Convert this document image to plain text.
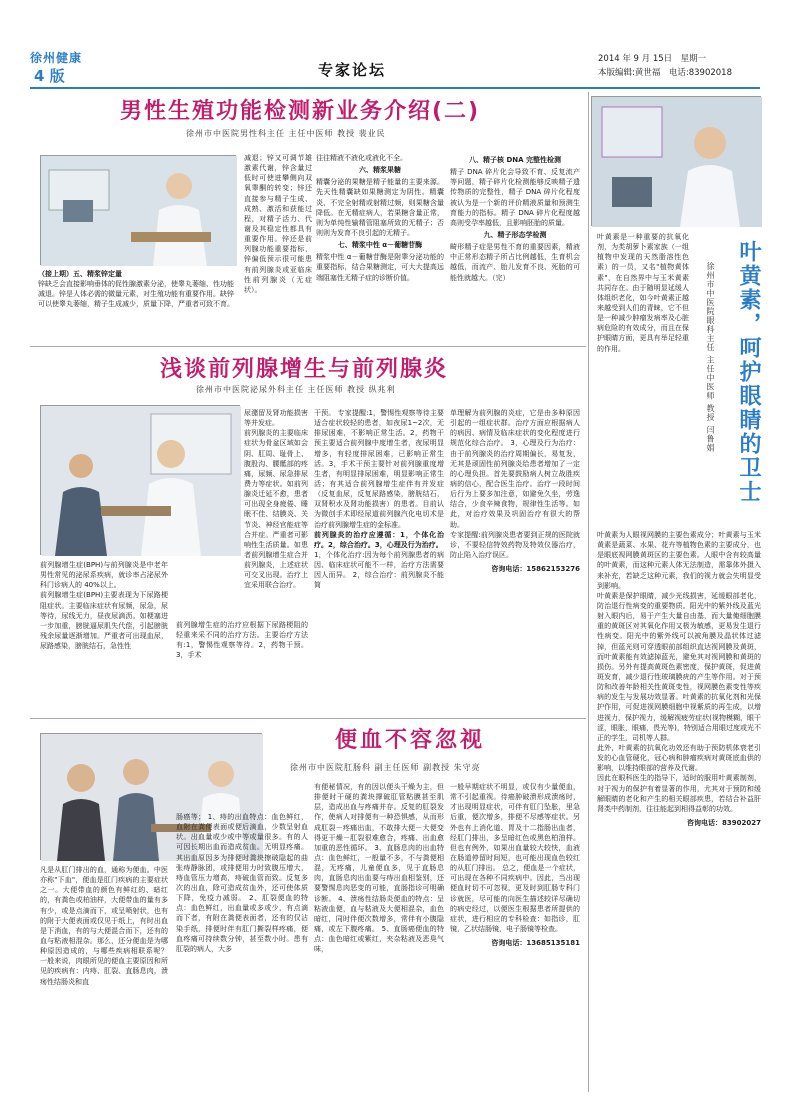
徐州健康
4 版	专家论坛
2014 年 9 月 15日　星期一
本版编辑:黄世福　电话:83902018
男性生殖功能检测新业务介绍(二)
徐州市中医院男性科主任 主任中医师 教授 裴业民
（接上期）五、精浆锌定量
锌缺乏会直接影响垂体的促性腺激素分泌，使睾丸萎缩、性功能减退。锌是人体必需的微量元素，对生殖功能有重要作用。缺锌可以使睾丸萎缩，精子生成减少，质量下降，严重者可致不育。
减退；锌又可调节雄激素代谢，锌含量过低时可使进攀侧向双氧睾酮的转变；锌还直接参与精子生成、成熟、激活和获能过程，对精子活力、代谢及其稳定性都具有重要作用。锌还是前列腺功能重要指标，锌偏低预示很可能患有前列腺炎或亚临床性前列腺炎（无症状）。
往往精液不液化或液化不全。
六、精浆果糖
精囊分泌的果糖是精子能量的主要来源。先天性精囊缺如果糖测定为阴性。精囊炎、不完全射精或射精过频，则果糖含量降低。在无精症病人，若果糖含量正常，则为单纯性输精管阻塞所致的无精子；否则则为发育不良引起的无精子。
七、精浆中性 α－葡糖苷酶
精浆中性 α－葡糖苷酶是附睾分泌功能的重要指标，结合果糖测定，可大大提高远端阻塞性无精子症的诊断价值。
八、精子核 DNA 完整性检测
精子 DNA 碎片化会导致不育、反复流产等问题，精子碎片化检测能够反映精子遗传物质的完整性，精子 DNA 碎片化程度被认为是一个新的评价精液质量和预测生育能力的指标。精子 DNA 碎片化程度越高则受孕率越低，且影响胚胎的质量。
九、精子形态学检测
畸形精子症是男性不育的重要因素，精液中正常形态精子所占比例越低，生育机会越低，而流产、胎儿发育不良、死胎的可能性就越大。（完）
浅谈前列腺增生与前列腺炎
徐州市中医院泌尿外科主任 主任医师 教授 纵兆利
尿潴留及肾功能损害等并发症。
前列腺炎的主要临床症状为骨盆区域如会阴、肛周、耻骨上、腹股沟、腰骶部的疼痛，尿频、尿急排尿费力等症状。如前列腺炎迁延不愈，患者可出现全身疲倦、睡眠不佳、结膜炎、关节炎、神经官能症等合并症。严重者可影响性生活质量。如患者前列腺增生症合并前列腺炎，上述症状可交叉出现。治疗上宜采用联合治疗。
前列腺增生症(BPH)与前列腺炎是中老年男性常见的泌尿系疾病，就诊率占泌尿外科门诊病人的 40%以上。
前列腺增生症(BPH)主要表现为下尿路梗阻症状。主要临床症状有尿频，尿急，尿等待，尿线无力，昼夜尿滴沥。如梗塞进一步加重，膀胱逼尿肌失代偿，引起膀胱残余尿量逐渐增加。严重者可出现血尿，尿路感染，膀胱结石，急性性
前列腺增生症的治疗应根据下尿路梗阻的轻重来采不同的治疗方法。主要治疗方法有:1，警惕性观察等待。2，药物干预。3，手术
干预。 专家提醒:1，警惕性观察等待主要适合症状较轻的患者，如夜尿1~2次，无排尿困难，不影响正常生活。2，药物干预主要适合前列腺中度增生者，夜尿明显增多，有轻度排尿困难，已影响正常生活。3，手术干预主要针对前列腺重度增生者，有明显排尿困难，明显影响正常生活；有其适合前列腺增生症伴有并发症（反复血尿，反复尿路感染，膀胱结石，双肾积水及肾功能损害）的患者。目前认为微创手术即经尿道前列腺汽化电切术是治疗前列腺增生症的金标准。
前列腺炎的治疗应遵循：1，个体化治疗。2，综合治疗。3，心理及行为治疗。
1，个体化治疗:因为每个前列腺患者的病因、临床症状可能不一样，治疗方法需要因人而异。 2，综合治疗：前列腺炎不能简
单理解为前列腺的炎症，它是由多种原因引起的一组症状群。治疗方面应根据病人的病因、病情及临床症状的变化程度进行规范化综合治疗。 3，心理及行为治疗：由于前列腺炎的治疗周期偏长，易复发，无其是顽固性前列腺炎给患者增加了一定的心理负担。首先要鼓励病人树立战胜疾病的信心，配合医生治疗。治疗一段时间后行为上要多加注意，如避免久坐，劳逸结合，少食辛辣食物，规律性生活等。如此，对治疗效果及巩固治疗有很大的帮助。
专家提醒:前列腺炎患者要到正规的医院就诊，不要轻信特效药物及特效仪器治疗，防止陷入治疗误区。
咨询电话：15862153276
便血不容忽视
徐州市中医院肛肠科 副主任医师 副教授 朱守亮
凡是从肛门排出的血，通称为便血。中医亦称"下血"，便血是肛门疾病的主要症状之一。大便带血的颜色有鲜红的、暗红的，有粪色或柏油样，大便带血的量有多有少，或是点滴而下，或呈喷射状，也有的附于大便表面或仅见于纸上，有时出血是下消血，有的与大便混合而下，还有的血与粘液相混杂。那么，还分便血是为哪种原因造成的，与哪些疾病相联系呢？ 一般来说，肉眼所见的便血主要原因和所见的疾病有：内痔、肛裂、直肠息肉，溃疡性结肠炎和直
肠癌等； 1、痔的出血特点：血色鲜红，血附在粪便表面或便后滴血，少数呈射血状。出血量或少或中等或量很多。有的人可因长期出血而造成贫血。无明显疼痛。其出血原因多为排便时粪块擦破隐起的曲张痔静脉团，或排便用力时致腹压增大，痔血管压力增高，痔破血管而致。反复多次的出血，除可造成贫血外，还可使体质下降，免疫力减弱。 2、肛裂便血的特点：血色鲜红，出血量或多或少，有点滴而下者，有附在粪便表面者，还有的仅沾染手纸，排便时伴有肛门撕裂样疼痛，便血疼痛可持续数分钟，甚至数小时。患有肛裂的病人，大多
有便秘情况，有的因以便头干燥为主，但排便时干硬的粪块撑破肛管粘膜甚至肌层，造成出血与疼痛并存。反复的肛裂发作，使病人对排便有一种恐惧感，从而形成肛裂－疼痛出血，不敢排大便－大便变得更干燥－肛裂很难愈合，疼痛、出血愈加重的恶性循环。 3、直肠息肉的出血特点：血色鲜红，一般量不多，不与粪便相混，无疼痛，儿童便血多，见于直肠息肉，直肠息肉出血要与痔出血相鉴别，还要警惕息肉恶变的可能，直肠指诊可明确诊断。 4、溃疡性结肠炎便血的特点：呈粘液血便，血与粘液及大便相混杂，血色暗红，同时伴便次数增多，常伴有小腹隐痛，或左下腹疼痛。 5、直肠癌便血的特点：血色暗红或紫红，夹杂粘液及恶臭气味，
一般早期症状不明显，或仅有少量便血，常不引起重视。待癌肿破溃形成溃疡时，才出现明显症状，可伴有肛门坠胀，里急后重，便次增多，排便不尽感等症状。另外也有上消化道、胃及十二指肠出血者，经肛门排出，多呈暗红色或黑色柏油样。但也有例外，如果出血量较大较快，血液在肠道停留时间短，也可能出现血色较红的从肛门排出。 总之，便血是一个症状，可出现在各种不同疾病中。因此，当出现便血时切不可忽视，更及时到肛肠专科门诊就医，尽可能的向医生描述较详尽确切的病史经过，以便医生根据患者所提供的症状，进行相应的专科检查：如指诊，肛镜，乙状结肠镜，电子肠镜等检查。
咨询电话：13685135181
叶黄素，呵护眼睛的卫士
徐州市中医院眼科主任 主任中医师 教授 闫鲁娟
叶黄素是一种重要的抗氧化剂，为类胡萝卜素家族（一组植物中发现的天然脂溶性色素）的一员，又名"植物黄体素"，在自然界中与玉米黄素共同存在。由于随明显延缓人体组织老化，如今叶黄素正越来越受到人们的青睐，它不但是一种减少肿瘤发病率及心脏病危险的有效成分，而且在保护眼睛方面，更具有举足轻重的作用。
叶黄素为人眼视网膜的主要色素成分；叶黄素与玉米黄素是蔬菜、水果、花卉等植物色素的主要成分，也是眼底视网膜黄斑区的主要色素。人眼中含有较高量的叶黄素，而这种元素人体无法制造，需靠体外摄入来补充，若缺乏这种元素，我们的视力就会失明显受到影响。
叶黄素是保护眼睛，减少光线损害，延缓眼部老化，防治退行性病变的重要物质。阳光中的紫外线及蓝光射入眼内后，易于产生大量自由基，而大量俺细胞膜重的黄斑区对其氧化作用又极为敏感，更易发生退行性病变。阳光中的紫外线可以被角膜及晶状体过滤掉，但蓝光则可穿透眼前部组织直达视网膜及黄斑，而叶黄素能有效滤掉蓝光，避免其对视网膜和黄斑的损伤。另外有提高黄斑色素密度，保护黄斑，促进黄斑发育，减少退行性玻璃膜疣的产生等作用。对于预防和改善年龄相关性黄斑变性，视网膜色素变性等疾病的发生与发展功效显著。叶黄素的抗氧化剂和光保护作用，可促进视网膜细胞中视紫质的再生成，以增进视力，保护视力，缓解视疲劳症状(视物模糊，眼干涩，眼胀，眼痛，畏光等)，特别适合用眼过度或光不正的学生，司机等人群。
此外，叶黄素的抗氧化功效还有助于预防机体衰老引发的心血管硬化，冠心病和肿瘤疾病对黄斑底血供的影响，以维持眼部的营养及代谢。
因此在眼科医生的指导下，适时的服用叶黄素制剂，对于视力的保护有着显著的作用，尤其对于预防和缓解眼睛的老化和产生的相关眼部疾患，若结合补益肝肾类中药制剂，往往能起到相得益彰的功效。
咨询电话：83902027
